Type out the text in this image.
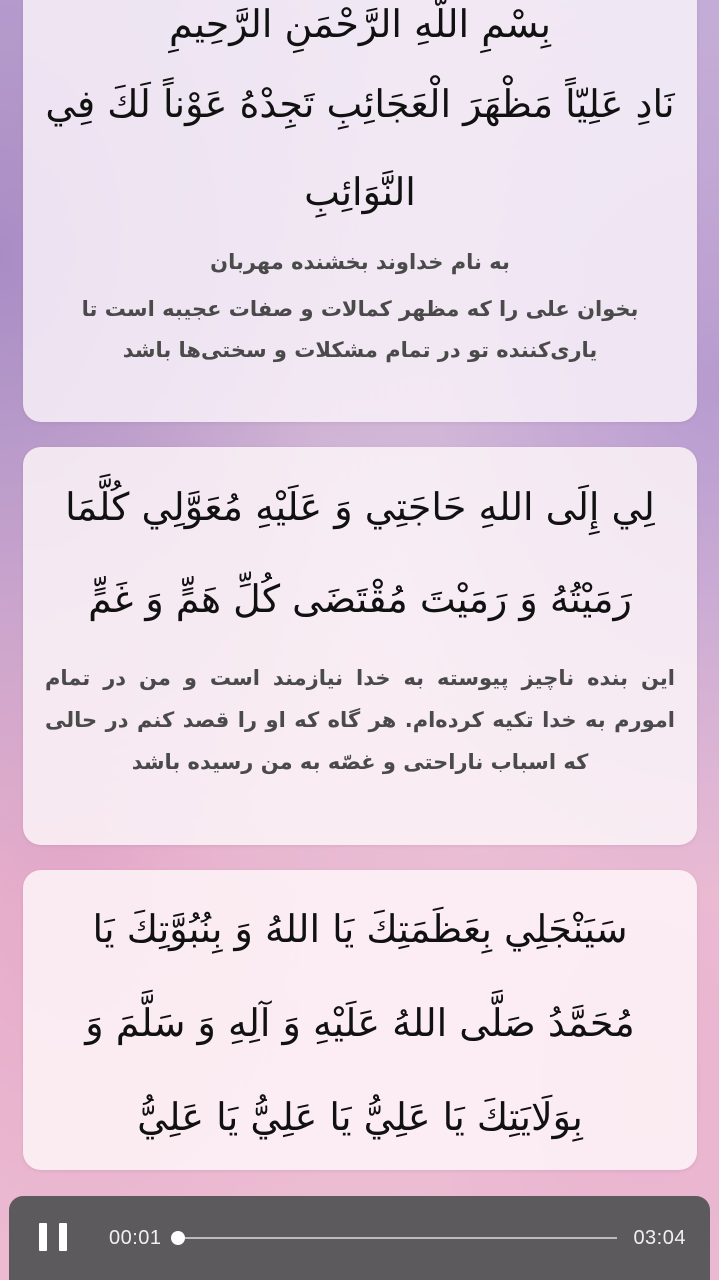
بِسْمِ اللَّهِ الرَّحْمَنِ الرَّحِيمِ

نَادِ عَلِيّاً مَظْهَرَ الْعَجَائِبِ تَجِدْهُ عَوْناً لَكَ فِي النَّوَائِبِ

به نام خداوند بخشنده مهربان

بخوان علی را که مظهر کمالات و صفات عجیبه است تا یاری‌کننده تو در تمام مشکلات و سختی‌ها باشد

لِي إِلَى اللهِ حَاجَتِي وَ عَلَيْهِ مُعَوَّلِي كُلَّمَا رَمَيْتُهُ وَ رَمَيْتَ مُقْتَضَى كُلِّ هَمٍّ وَ غَمٍّ

این بنده ناچیز پیوسته به خدا نیازمند است و من در تمام امورم به خدا تکیه کرده‌ام. هر گاه که او را قصد کنم در حالی که اسباب ناراحتی و غصّه به من رسیده باشد

سَيَنْجَلِي بِعَظَمَتِكَ يَا اللهُ وَ بِنُبُوَّتِكَ يَا مُحَمَّدُ صَلَّى اللهُ عَلَيْهِ وَ آلِهِ وَ سَلَّمَ وَ بِوَلَايَتِكَ يَا عَلِيُّ يَا عَلِيُّ يَا عَلِيُّ

00:01	03:04
